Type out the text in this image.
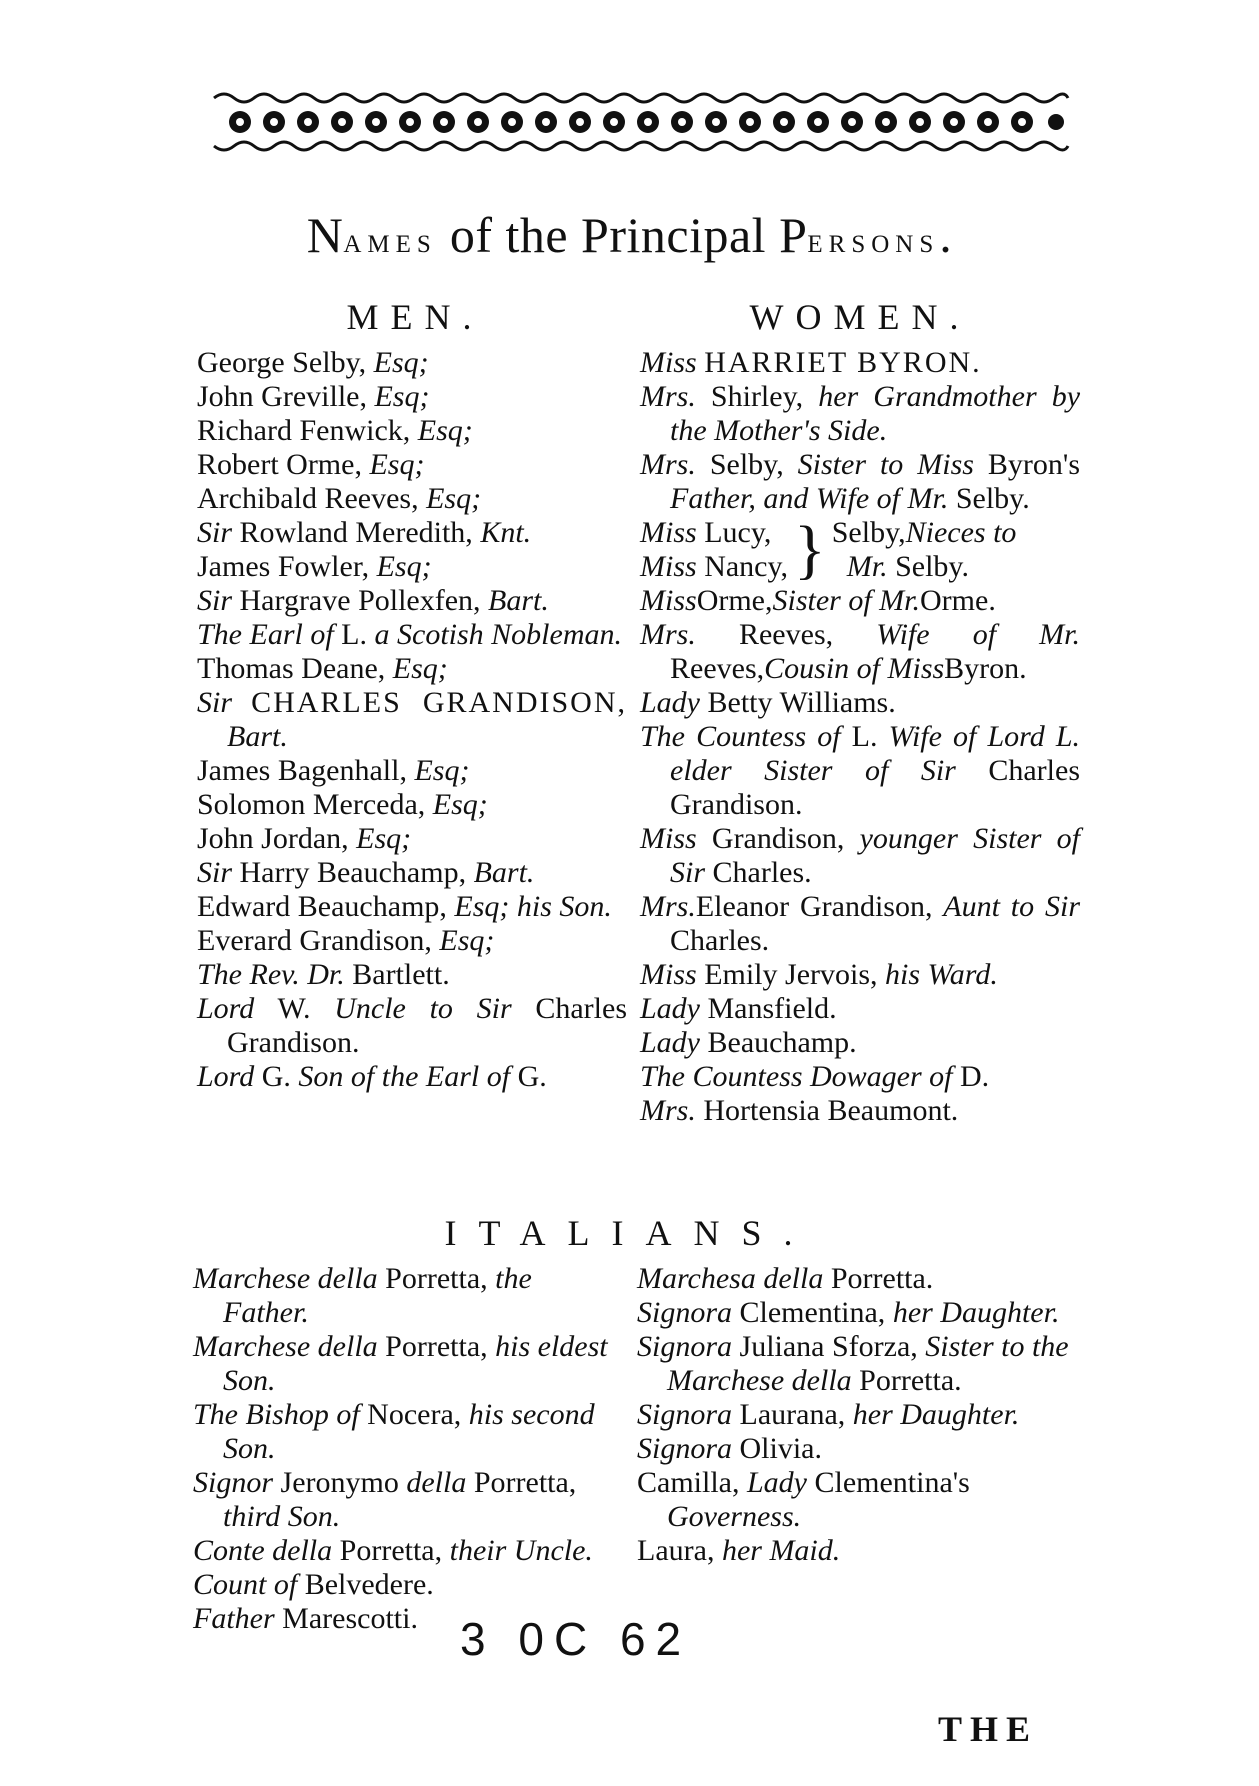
Names of the Principal Persons.
MEN.	WOMEN.
George Selby, Esq;
John Greville, Esq;
Richard Fenwick, Esq;
Robert Orme, Esq;
Archibald Reeves, Esq;
Sir Rowland Meredith, Knt.
James Fowler, Esq;
Sir Hargrave Pollexfen, Bart.
The Earl of L. a Scotish Nobleman.
Thomas Deane, Esq;
Sir CHARLES GRANDISON, Bart.
James Bagenhall, Esq;
Solomon Merceda, Esq;
John Jordan, Esq;
Sir Harry Beauchamp, Bart.
Edward Beauchamp, Esq; his Son.
Everard Grandison, Esq;
The Rev. Dr. Bartlett.
Lord W. Uncle to Sir Charles Grandison.
Lord G. Son of the Earl of G.
Miss HARRIET BYRON.
Mrs. Shirley, her Grandmother by the Mother's Side.
Mrs. Selby, Sister to Miss Byron's Father, and Wife of Mr. Selby.
Miss Lucy,
Miss Nancy, } Selby,Nieces to
Mr. Selby.
MissOrme,Sister of Mr.Orme.
Mrs. Reeves, Wife of Mr. Reeves,Cousin of MissByron.
Lady Betty Williams.
The Countess of L. Wife of Lord L. elder Sister of Sir Charles Grandison.
Miss Grandison, younger Sister of Sir Charles.
Mrs.Eleanor Grandison, Aunt to Sir Charles.
Miss Emily Jervois, his Ward.
Lady Mansfield.
Lady Beauchamp.
The Countess Dowager of D.
Mrs. Hortensia Beaumont.
ITALIANS.
Marchese della Porretta, the Father.
Marchese della Porretta, his eldest Son.
The Bishop of Nocera, his second Son.
Signor Jeronymo della Porretta, third Son.
Conte della Porretta, their Uncle.
Count of Belvedere.
Father Marescotti.
Marchesa della Porretta.
Signora Clementina, her Daughter.
Signora Juliana Sforza, Sister to the Marchese della Porretta.
Signora Laurana, her Daughter.
Signora Olivia.
Camilla, Lady Clementina's Governess.
Laura, her Maid.
3 0C 62
THE
